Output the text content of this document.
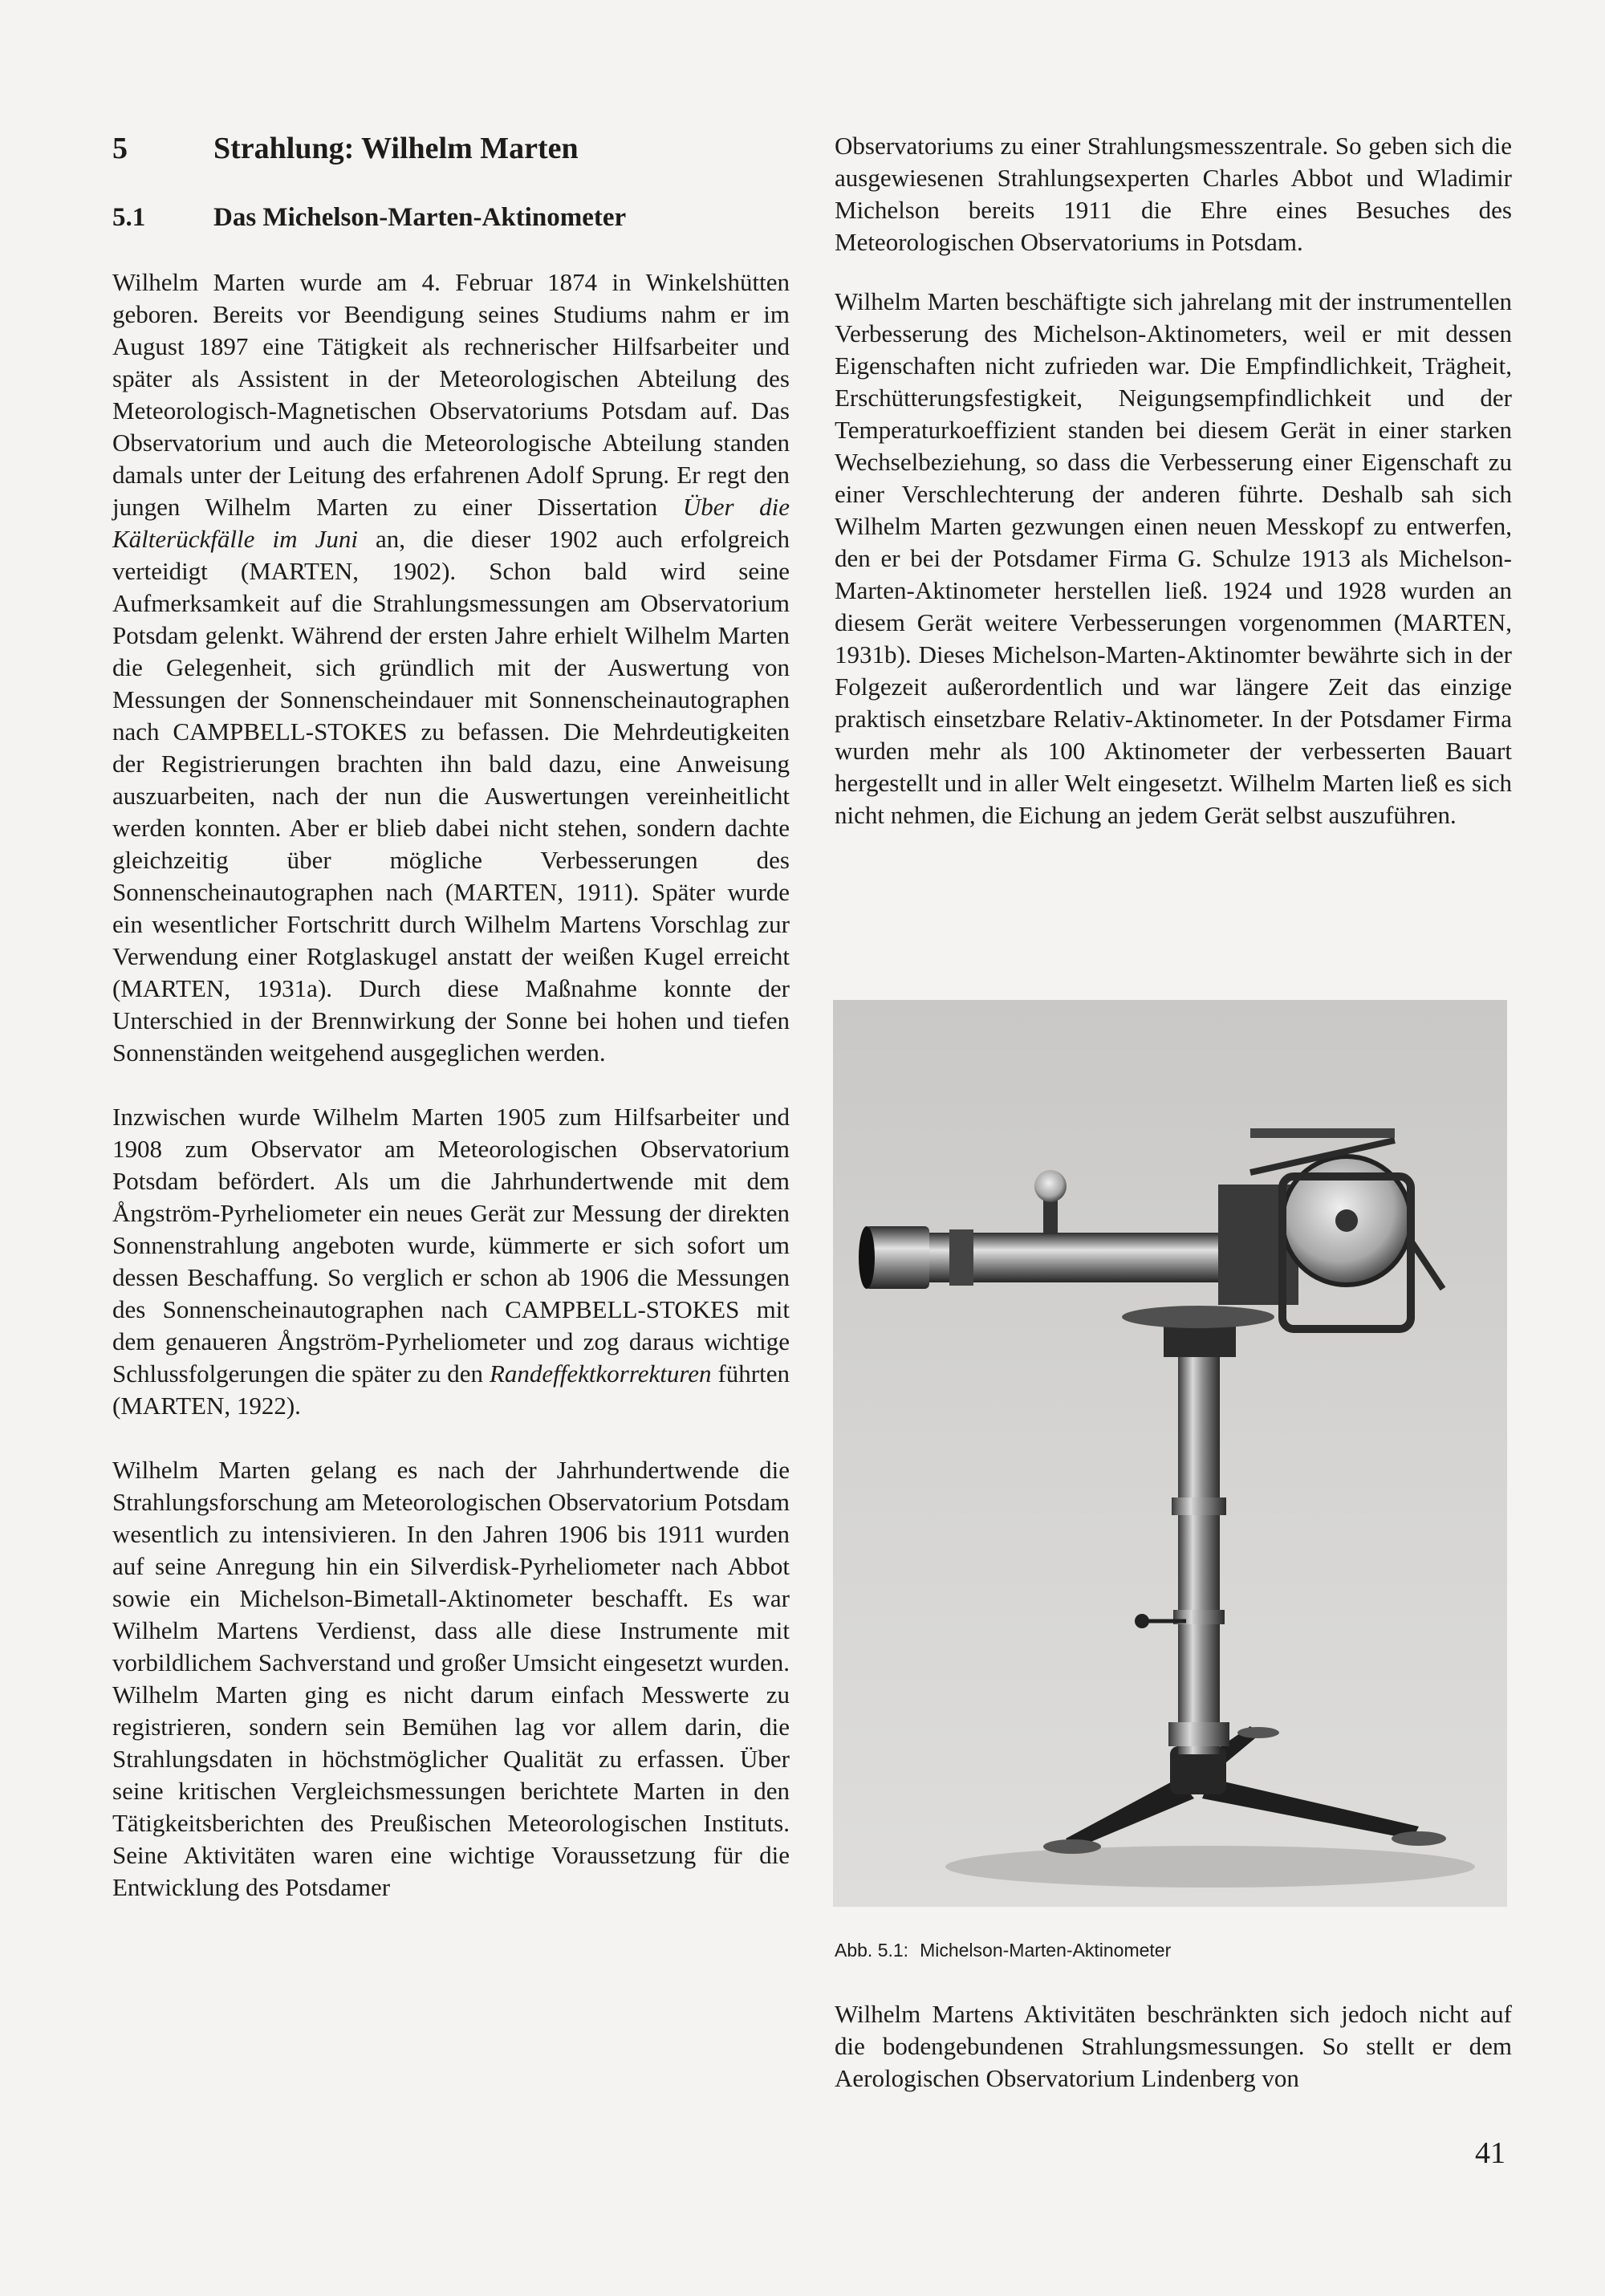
5	Strahlung: Wilhelm Marten
5.1	Das Michelson-Marten-Aktinometer

Wilhelm Marten wurde am 4. Februar 1874 in Winkelshütten geboren. Bereits vor Beendigung seines Studiums nahm er im August 1897 eine Tätigkeit als rechnerischer Hilfsarbeiter und später als Assistent in der Meteorologischen Abteilung des Meteorologisch-Magnetischen Observatoriums Potsdam auf. Das Observatorium und auch die Meteorologische Abteilung standen damals unter der Leitung des erfahrenen Adolf Sprung. Er regt den jungen Wilhelm Marten zu einer Dissertation Über die Kälterückfälle im Juni an, die dieser 1902 auch erfolgreich verteidigt (MARTEN, 1902). Schon bald wird seine Aufmerksamkeit auf die Strahlungsmessungen am Observatorium Potsdam gelenkt. Während der ersten Jahre erhielt Wilhelm Marten die Gelegenheit, sich gründlich mit der Auswertung von Messungen der Sonnenscheindauer mit Sonnenscheinautographen nach CAMPBELL-STOKES zu befassen. Die Mehrdeutigkeiten der Registrierungen brachten ihn bald dazu, eine Anweisung auszuarbeiten, nach der nun die Auswertungen vereinheitlicht werden konnten. Aber er blieb dabei nicht stehen, sondern dachte gleichzeitig über mögliche Verbesserungen des Sonnenscheinautographen nach (MARTEN, 1911). Später wurde ein wesentlicher Fortschritt durch Wilhelm Martens Vorschlag zur Verwendung einer Rotglaskugel anstatt der weißen Kugel erreicht (MARTEN, 1931a). Durch diese Maßnahme konnte der Unterschied in der Brennwirkung der Sonne bei hohen und tiefen Sonnenständen weitgehend ausgeglichen werden.

Inzwischen wurde Wilhelm Marten 1905 zum Hilfsarbeiter und 1908 zum Observator am Meteorologischen Observatorium Potsdam befördert. Als um die Jahrhundertwende mit dem Ångström-Pyrheliometer ein neues Gerät zur Messung der direkten Sonnenstrahlung angeboten wurde, kümmerte er sich sofort um dessen Beschaffung. So verglich er schon ab 1906 die Messungen des Sonnenscheinautographen nach CAMPBELL-STOKES mit dem genaueren Ångström-Pyrheliometer und zog daraus wichtige Schlussfolgerungen die später zu den Randeffektkorrekturen führten (MARTEN, 1922).

Wilhelm Marten gelang es nach der Jahrhundertwende die Strahlungsforschung am Meteorologischen Observatorium Potsdam wesentlich zu intensivieren. In den Jahren 1906 bis 1911 wurden auf seine Anregung hin ein Silverdisk-Pyrheliometer nach Abbot sowie ein Michelson-Bimetall-Aktinometer beschafft. Es war Wilhelm Martens Verdienst, dass alle diese Instrumente mit vorbildlichem Sachverstand und großer Umsicht eingesetzt wurden. Wilhelm Marten ging es nicht darum einfach Messwerte zu registrieren, sondern sein Bemühen lag vor allem darin, die Strahlungsdaten in höchstmöglicher Qualität zu erfassen. Über seine kritischen Vergleichsmessungen berichtete Marten in den Tätigkeitsberichten des Preußischen Meteorologischen Instituts. Seine Aktivitäten waren eine wichtige Voraussetzung für die Entwicklung des Potsdamer

Observatoriums zu einer Strahlungsmesszentrale. So geben sich die ausgewiesenen Strahlungsexperten Charles Abbot und Wladimir Michelson bereits 1911 die Ehre eines Besuches des Meteorologischen Observatoriums in Potsdam.

Wilhelm Marten beschäftigte sich jahrelang mit der instrumentellen Verbesserung des Michelson-Aktinometers, weil er mit dessen Eigenschaften nicht zufrieden war. Die Empfindlichkeit, Trägheit, Erschütterungsfestigkeit, Neigungsempfindlichkeit und der Temperaturkoeffizient standen bei diesem Gerät in einer starken Wechselbeziehung, so dass die Verbesserung einer Eigenschaft zu einer Verschlechterung der anderen führte. Deshalb sah sich Wilhelm Marten gezwungen einen neuen Messkopf zu entwerfen, den er bei der Potsdamer Firma G. Schulze 1913 als Michelson-Marten-Aktinometer herstellen ließ. 1924 und 1928 wurden an diesem Gerät weitere Verbesserungen vorgenommen (MARTEN, 1931b). Dieses Michelson-Marten-Aktinomter bewährte sich in der Folgezeit außerordentlich und war längere Zeit das einzige praktisch einsetzbare Relativ-Aktinometer. In der Potsdamer Firma wurden mehr als 100 Aktinometer der verbesserten Bauart hergestellt und in aller Welt eingesetzt. Wilhelm Marten ließ es sich nicht nehmen, die Eichung an jedem Gerät selbst auszuführen.

Abb. 5.1: Michelson-Marten-Aktinometer

Wilhelm Martens Aktivitäten beschränkten sich jedoch nicht auf die bodengebundenen Strahlungsmessungen. So stellt er dem Aerologischen Observatorium Lindenberg von

41
